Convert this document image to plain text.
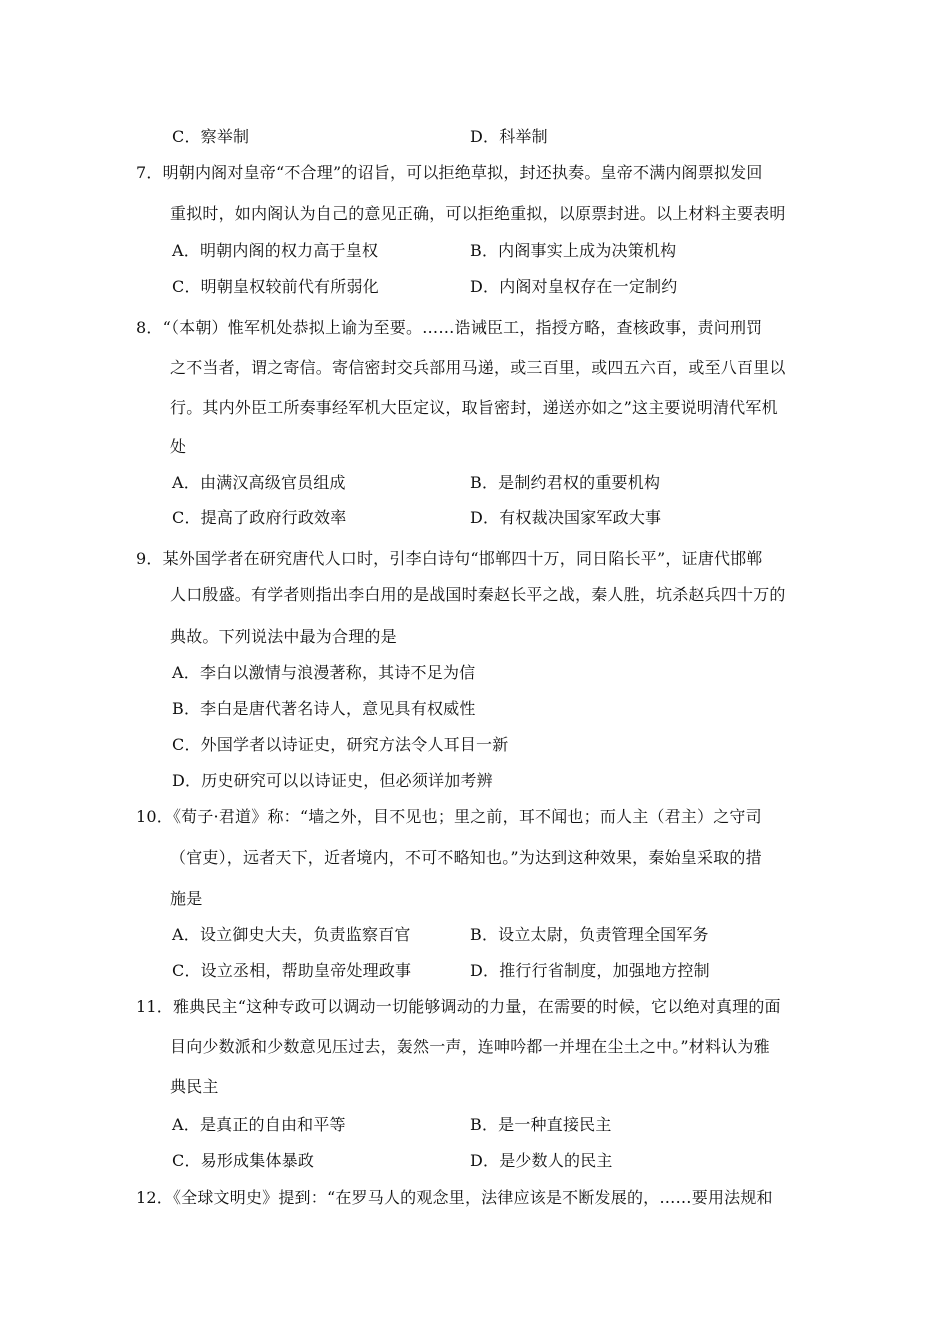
C．察举制	D．科举制
7．明朝内阁对皇帝“不合理”的诏旨，可以拒绝草拟，封还执奏。皇帝不满内阁票拟发回
重拟时，如内阁认为自己的意见正确，可以拒绝重拟，以原票封进。以上材料主要表明
A．明朝内阁的权力高于皇权	B．内阁事实上成为决策机构
C．明朝皇权较前代有所弱化	D．内阁对皇权存在一定制约
8．“（本朝）惟军机处恭拟上谕为至要。……诰诫臣工，指授方略，查核政事，责问刑罚
之不当者，谓之寄信。寄信密封交兵部用马递，或三百里，或四五六百，或至八百里以
行。其内外臣工所奏事经军机大臣定议，取旨密封，递送亦如之”这主要说明清代军机
处
A．由满汉高级官员组成	B．是制约君权的重要机构
C．提高了政府行政效率	D．有权裁决国家军政大事
9．某外国学者在研究唐代人口时，引李白诗句“邯郸四十万，同日陷长平”，证唐代邯郸
人口殷盛。有学者则指出李白用的是战国时秦赵长平之战，秦人胜，坑杀赵兵四十万的
典故。下列说法中最为合理的是
A．李白以激情与浪漫著称，其诗不足为信
B．李白是唐代著名诗人，意见具有权威性
C．外国学者以诗证史，研究方法令人耳目一新
D．历史研究可以以诗证史，但必须详加考辨
10．《荀子·君道》称：“墙之外，目不见也；里之前，耳不闻也；而人主（君主）之守司
（官吏），远者天下，近者境内，不可不略知也。”为达到这种效果，秦始皇采取的措
施是
A．设立御史大夫，负责监察百官	B．设立太尉，负责管理全国军务
C．设立丞相，帮助皇帝处理政事	D．推行行省制度，加强地方控制
11．雅典民主“这种专政可以调动一切能够调动的力量，在需要的时候，它以绝对真理的面
目向少数派和少数意见压过去，轰然一声，连呻吟都一并埋在尘土之中。”材料认为雅
典民主
A．是真正的自由和平等	B．是一种直接民主
C．易形成集体暴政	D．是少数人的民主
12．《全球文明史》提到：“在罗马人的观念里，法律应该是不断发展的，……要用法规和
